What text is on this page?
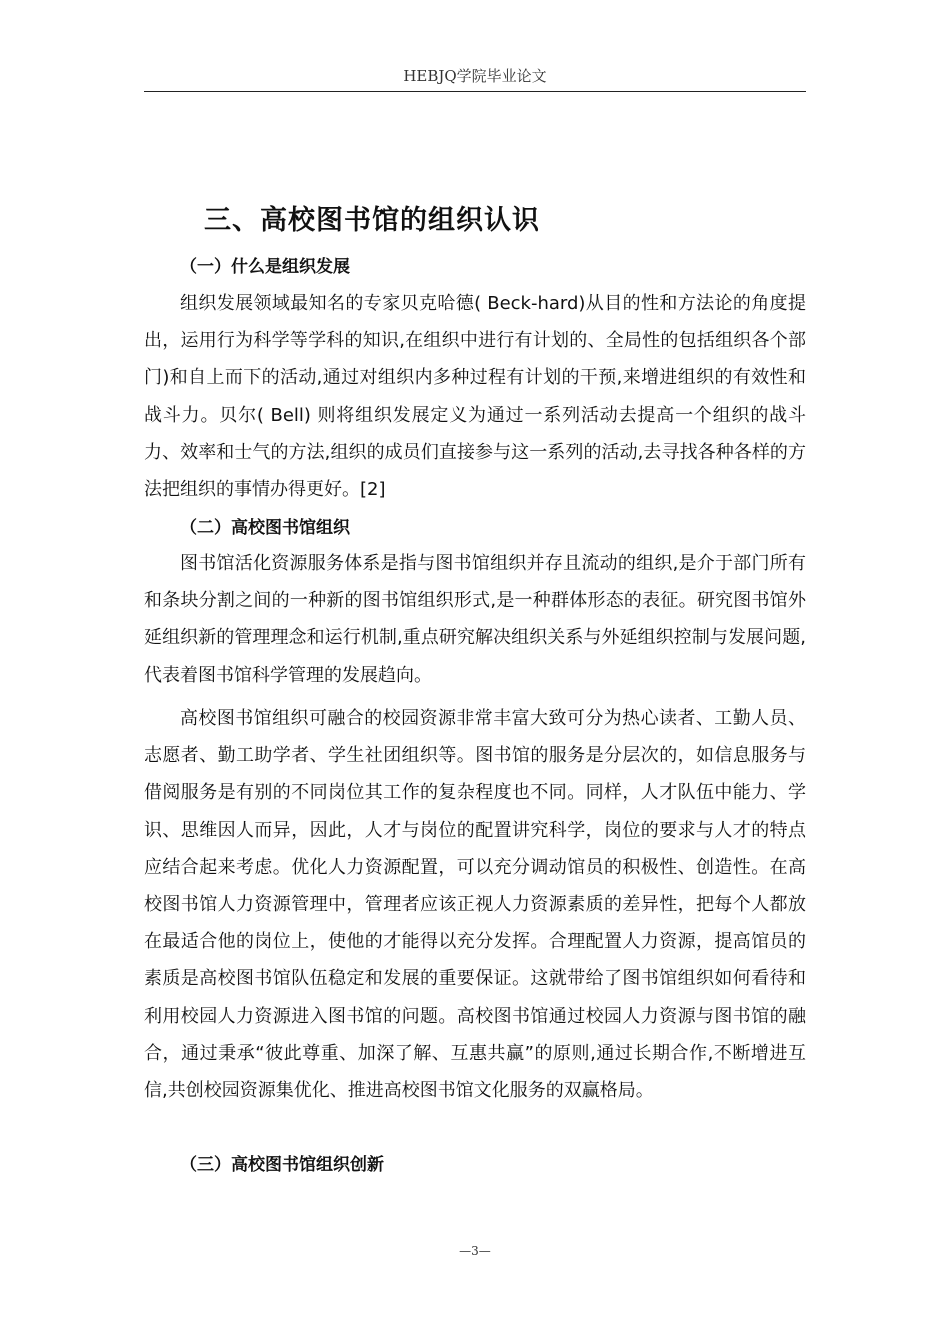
HEBJQ学院毕业论文
三、高校图书馆的组织认识
（一）什么是组织发展

组织发展领域最知名的专家贝克哈德( Beck-hard)从目的性和方法论的角度提出，运用行为科学等学科的知识,在组织中进行有计划的、全局性的包括组织各个部门)和自上而下的活动,通过对组织内多种过程有计划的干预,来增进组织的有效性和战斗力。贝尔( Bell) 则将组织发展定义为通过一系列活动去提高一个组织的战斗力、效率和士气的方法,组织的成员们直接参与这一系列的活动,去寻找各种各样的方法把组织的事情办得更好。[2]

（二）高校图书馆组织

图书馆活化资源服务体系是指与图书馆组织并存且流动的组织,是介于部门所有和条块分割之间的一种新的图书馆组织形式,是一种群体形态的表征。研究图书馆外延组织新的管理理念和运行机制,重点研究解决组织关系与外延组织控制与发展问题,代表着图书馆科学管理的发展趋向。

高校图书馆组织可融合的校园资源非常丰富大致可分为热心读者、工勤人员、志愿者、勤工助学者、学生社团组织等。图书馆的服务是分层次的，如信息服务与借阅服务是有别的不同岗位其工作的复杂程度也不同。同样，人才队伍中能力、学识、思维因人而异，因此，人才与岗位的配置讲究科学，岗位的要求与人才的特点应结合起来考虑。优化人力资源配置，可以充分调动馆员的积极性、创造性。在高校图书馆人力资源管理中，管理者应该正视人力资源素质的差异性，把每个人都放在最适合他的岗位上，使他的才能得以充分发挥。合理配置人力资源，提高馆员的素质是高校图书馆队伍稳定和发展的重要保证。这就带给了图书馆组织如何看待和利用校园人力资源进入图书馆的问题。高校图书馆通过校园人力资源与图书馆的融合，通过秉承“彼此尊重、加深了解、互惠共赢”的原则,通过长期合作,不断增进互信,共创校园资源集优化、推进高校图书馆文化服务的双赢格局。

（三）高校图书馆组织创新
—3—
